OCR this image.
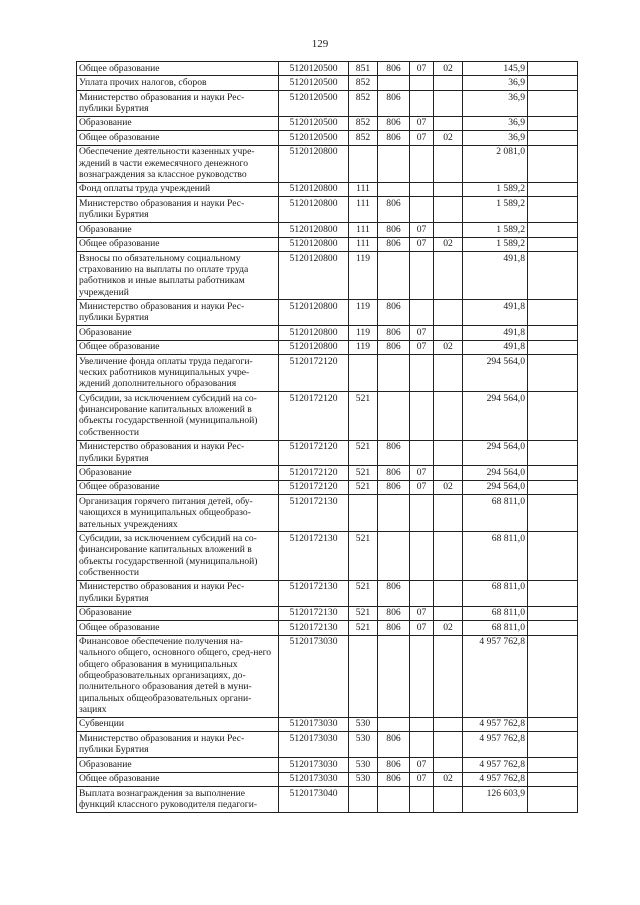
129
Общее образование	5120120500	851	806	07	02	145,9	
Уплата прочих налогов, сборов	5120120500	852				36,9	
Министерство образования и науки Рес-публики Бурятия	5120120500	852	806			36,9	
Образование	5120120500	852	806	07		36,9	
Общее образование	5120120500	852	806	07	02	36,9	
Обеспечение деятельности казенных учре-ждений в части ежемесячного денежного вознаграждения за классное руководство	5120120800					2 081,0	
Фонд оплаты труда учреждений	5120120800	111				1 589,2	
Министерство образования и науки Рес-публики Бурятия	5120120800	111	806			1 589,2	
Образование	5120120800	111	806	07		1 589,2	
Общее образование	5120120800	111	806	07	02	1 589,2	
Взносы по обязательному социальному страхованию на выплаты по оплате труда работников и иные выплаты работникам учреждений	5120120800	119				491,8	
Министерство образования и науки Рес-публики Бурятия	5120120800	119	806			491,8	
Образование	5120120800	119	806	07		491,8	
Общее образование	5120120800	119	806	07	02	491,8	
Увеличение фонда оплаты труда педагоги-ческих работников муниципальных учре-ждений дополнительного образования	5120172120					294 564,0	
Субсидии, за исключением субсидий на со-финансирование капитальных вложений в объекты государственной (муниципальной) собственности	5120172120	521				294 564,0	
Министерство образования и науки Рес-публики Бурятия	5120172120	521	806			294 564,0	
Образование	5120172120	521	806	07		294 564,0	
Общее образование	5120172120	521	806	07	02	294 564,0	
Организация горячего питания детей, обу-чающихся в муниципальных общеобразо-вательных учреждениях	5120172130					68 811,0	
Субсидии, за исключением субсидий на со-финансирование капитальных вложений в объекты государственной (муниципальной) собственности	5120172130	521				68 811,0	
Министерство образования и науки Рес-публики Бурятия	5120172130	521	806			68 811,0	
Образование	5120172130	521	806	07		68 811,0	
Общее образование	5120172130	521	806	07	02	68 811,0	
Финансовое обеспечение получения на-чального общего, основного общего, сред-него общего образования в муниципальных общеобразовательных организациях, до-полнительного образования детей в муни-ципальных общеобразовательных органи-зациях	5120173030					4 957 762,8	
Субвенции	5120173030	530				4 957 762,8	
Министерство образования и науки Рес-публики Бурятия	5120173030	530	806			4 957 762,8	
Образование	5120173030	530	806	07		4 957 762,8	
Общее образование	5120173030	530	806	07	02	4 957 762,8	
Выплата вознаграждения за выполнение функций классного руководителя педагоги-	5120173040					126 603,9	
